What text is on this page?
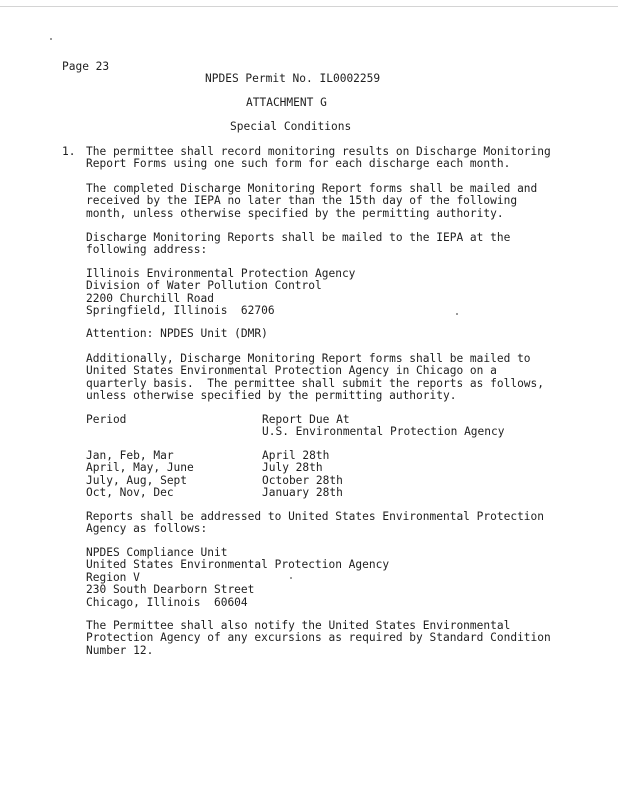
Page 23
NPDES Permit No. IL0002259
ATTACHMENT G
Special Conditions
1. The permittee shall record monitoring results on Discharge Monitoring
Report Forms using one such form for each discharge each month.
The completed Discharge Monitoring Report forms shall be mailed and
received by the IEPA no later than the 15th day of the following
month, unless otherwise specified by the permitting authority.
Discharge Monitoring Reports shall be mailed to the IEPA at the
following address:
Illinois Environmental Protection Agency
Division of Water Pollution Control
2200 Churchill Road
Springfield, Illinois  62706
Attention: NPDES Unit (DMR)
Additionally, Discharge Monitoring Report forms shall be mailed to
United States Environmental Protection Agency in Chicago on a
quarterly basis.  The permittee shall submit the reports as follows,
unless otherwise specified by the permitting authority.
Period	Report Due At
U.S. Environmental Protection Agency
Jan, Feb, Mar
April, May, June
July, Aug, Sept
Oct, Nov, Dec
April 28th
July 28th
October 28th
January 28th
Reports shall be addressed to United States Environmental Protection
Agency as follows:
NPDES Compliance Unit
United States Environmental Protection Agency
Region V
230 South Dearborn Street
Chicago, Illinois  60604
The Permittee shall also notify the United States Environmental
Protection Agency of any excursions as required by Standard Condition
Number 12.
